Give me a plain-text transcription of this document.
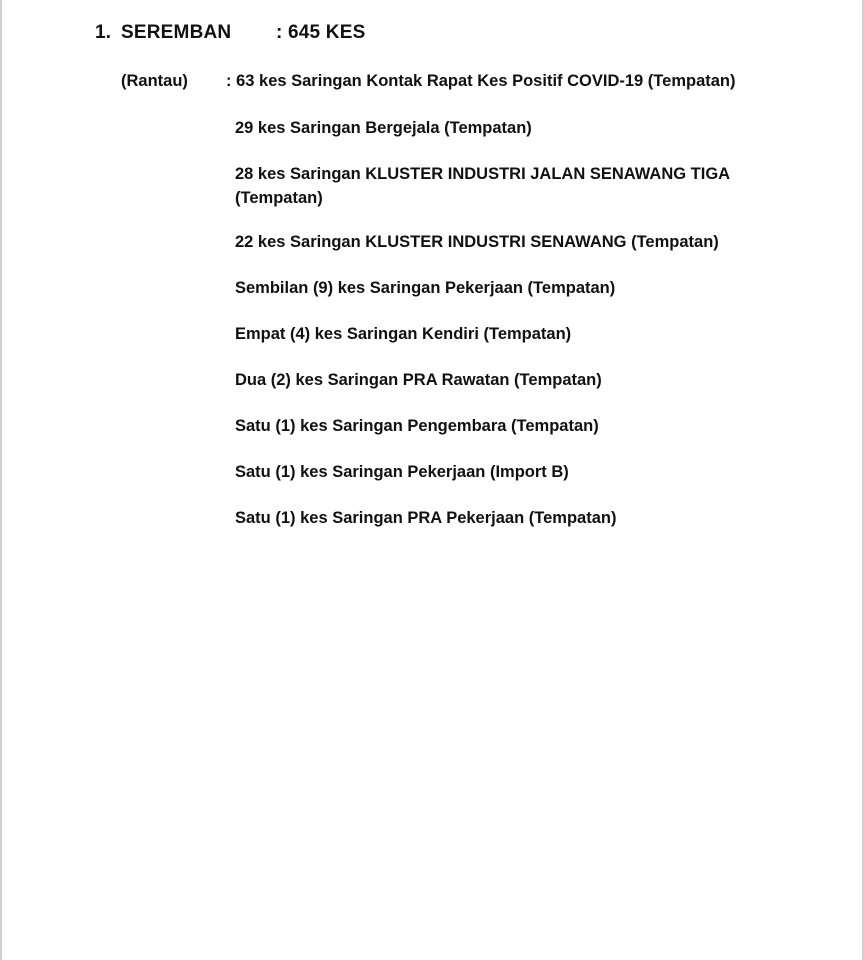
1. SEREMBAN : 645 KES
(Rantau) : 63 kes Saringan Kontak Rapat Kes Positif COVID-19 (Tempatan)
29 kes Saringan Bergejala (Tempatan)
28 kes Saringan KLUSTER INDUSTRI JALAN SENAWANG TIGA (Tempatan)
22 kes Saringan KLUSTER INDUSTRI SENAWANG (Tempatan)
Sembilan (9) kes Saringan Pekerjaan (Tempatan)
Empat (4) kes Saringan Kendiri (Tempatan)
Dua (2) kes Saringan PRA Rawatan (Tempatan)
Satu (1) kes Saringan Pengembara (Tempatan)
Satu (1) kes Saringan Pekerjaan (Import B)
Satu (1) kes Saringan PRA Pekerjaan (Tempatan)
